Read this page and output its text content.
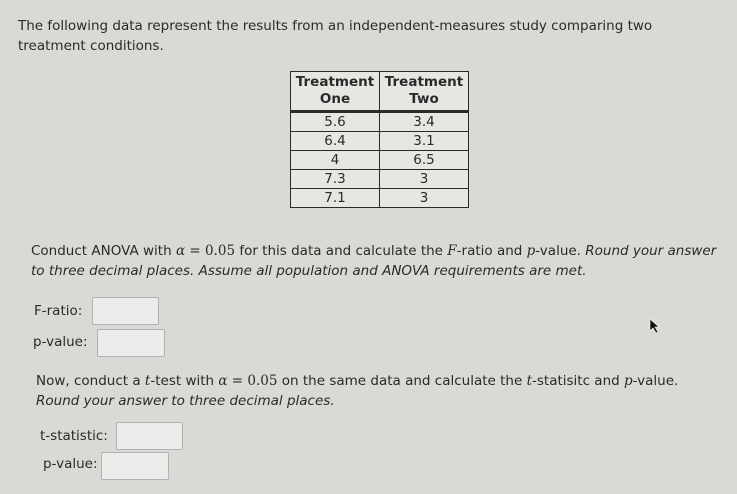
The following data represent the results from an independent-measures study comparing two treatment conditions.
Treatment One	Treatment Two
5.6	3.4
6.4	3.1
4	6.5
7.3	3
7.1	3
Conduct ANOVA with α = 0.05 for this data and calculate the F-ratio and p-value. Round your answer to three decimal places. Assume all population and ANOVA requirements are met.
F-ratio:
p-value:
Now, conduct a t-test with α = 0.05 on the same data and calculate the t-statisitc and p-value. Round your answer to three decimal places.
t-statistic:
p-value:
